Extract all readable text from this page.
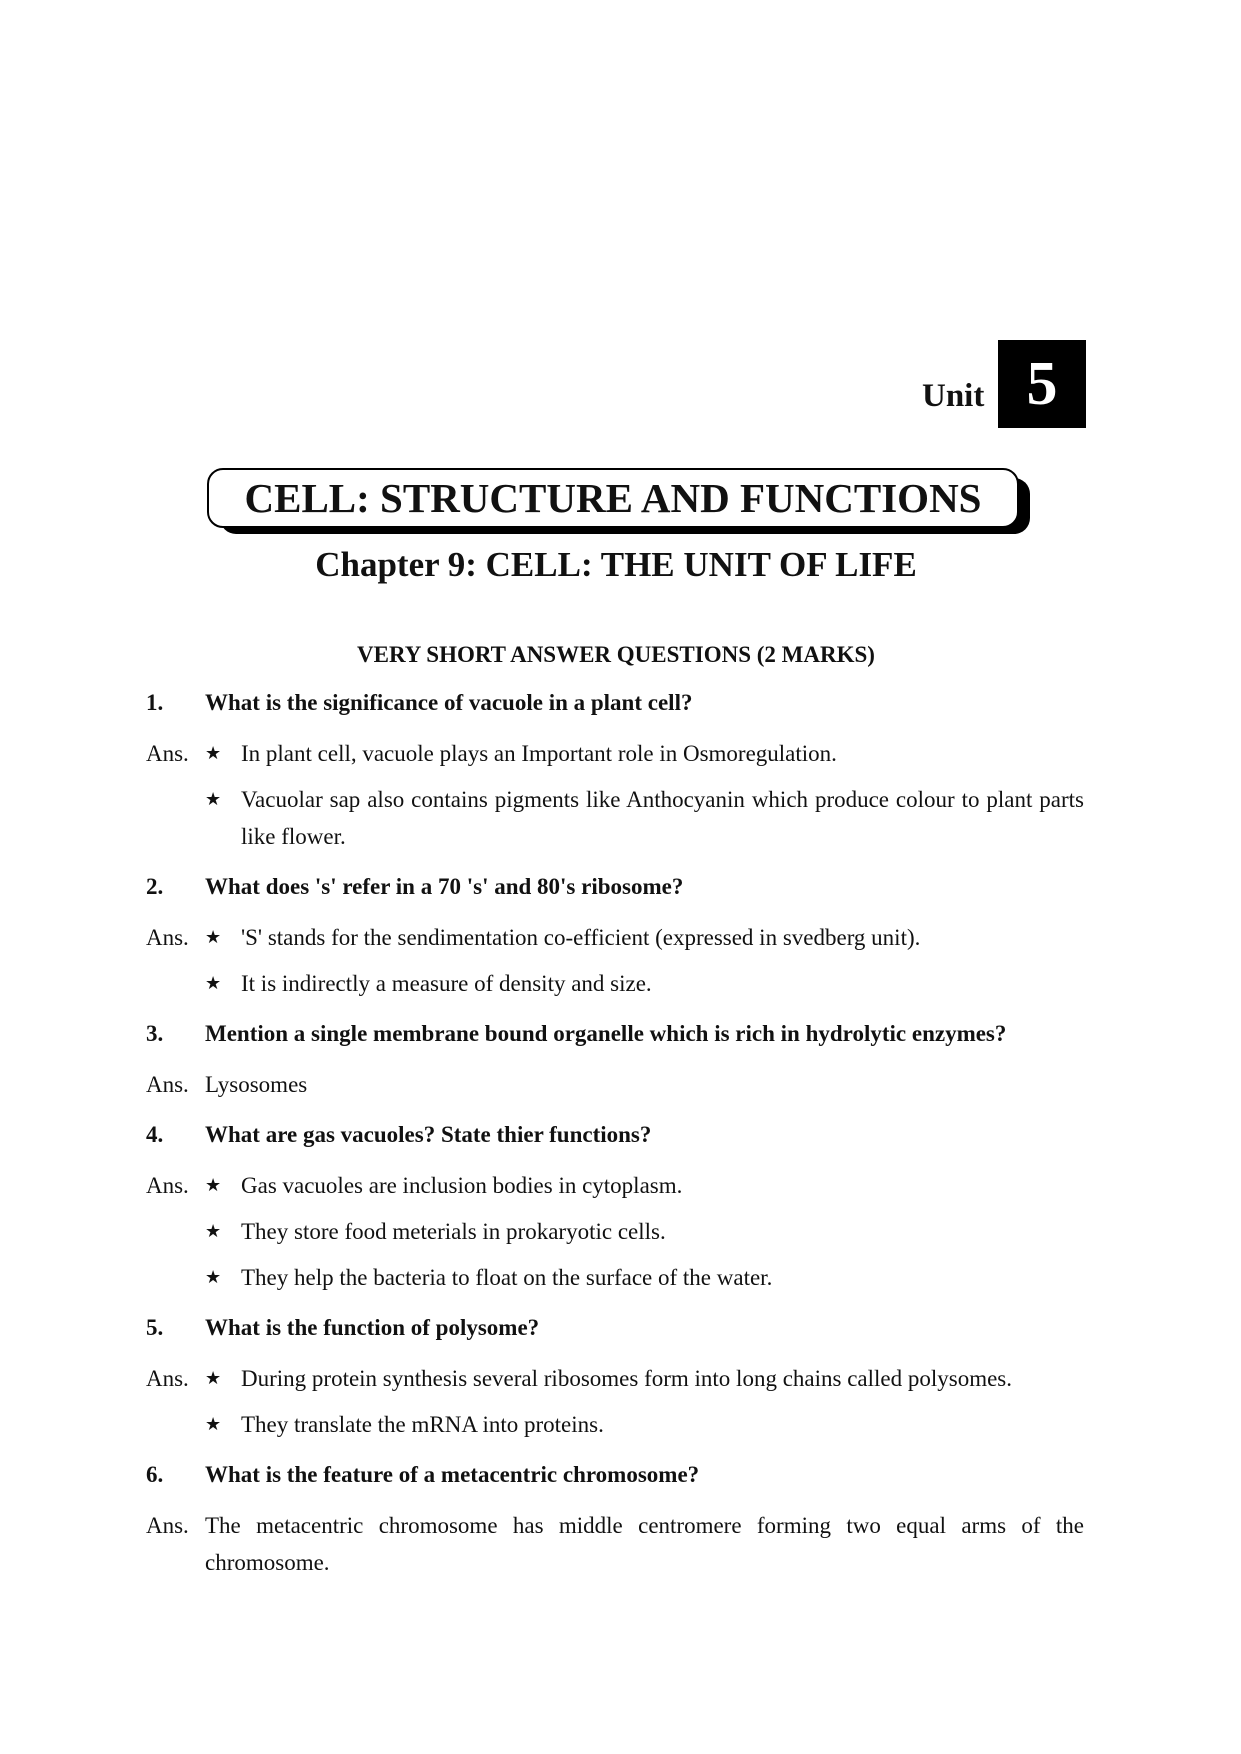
Unit 5
CELL: STRUCTURE AND FUNCTIONS
Chapter 9: CELL: THE UNIT OF LIFE
VERY SHORT ANSWER QUESTIONS (2 MARKS)
1.	What is the significance of vacuole in a plant cell?
Ans. ★ In plant cell, vacuole plays an Important role in Osmoregulation.
★ Vacuolar sap also contains pigments like Anthocyanin which produce colour to plant parts like flower.
2.	What does 's' refer in a 70 's' and 80's ribosome?
Ans. ★ 'S' stands for the sendimentation co-efficient (expressed in svedberg unit).
★ It is indirectly a measure of density and size.
3.	Mention a single membrane bound organelle which is rich in hydrolytic enzymes?
Ans. Lysosomes
4.	What are gas vacuoles? State thier functions?
Ans. ★ Gas vacuoles are inclusion bodies in cytoplasm.
★ They store food meterials in prokaryotic cells.
★ They help the bacteria to float on the surface of the water.
5.	What is the function of polysome?
Ans. ★ During protein synthesis several ribosomes form into long chains called polysomes.
★ They translate the mRNA into proteins.
6.	What is the feature of a metacentric chromosome?
Ans. The metacentric chromosome has middle centromere forming two equal arms of the chromosome.
